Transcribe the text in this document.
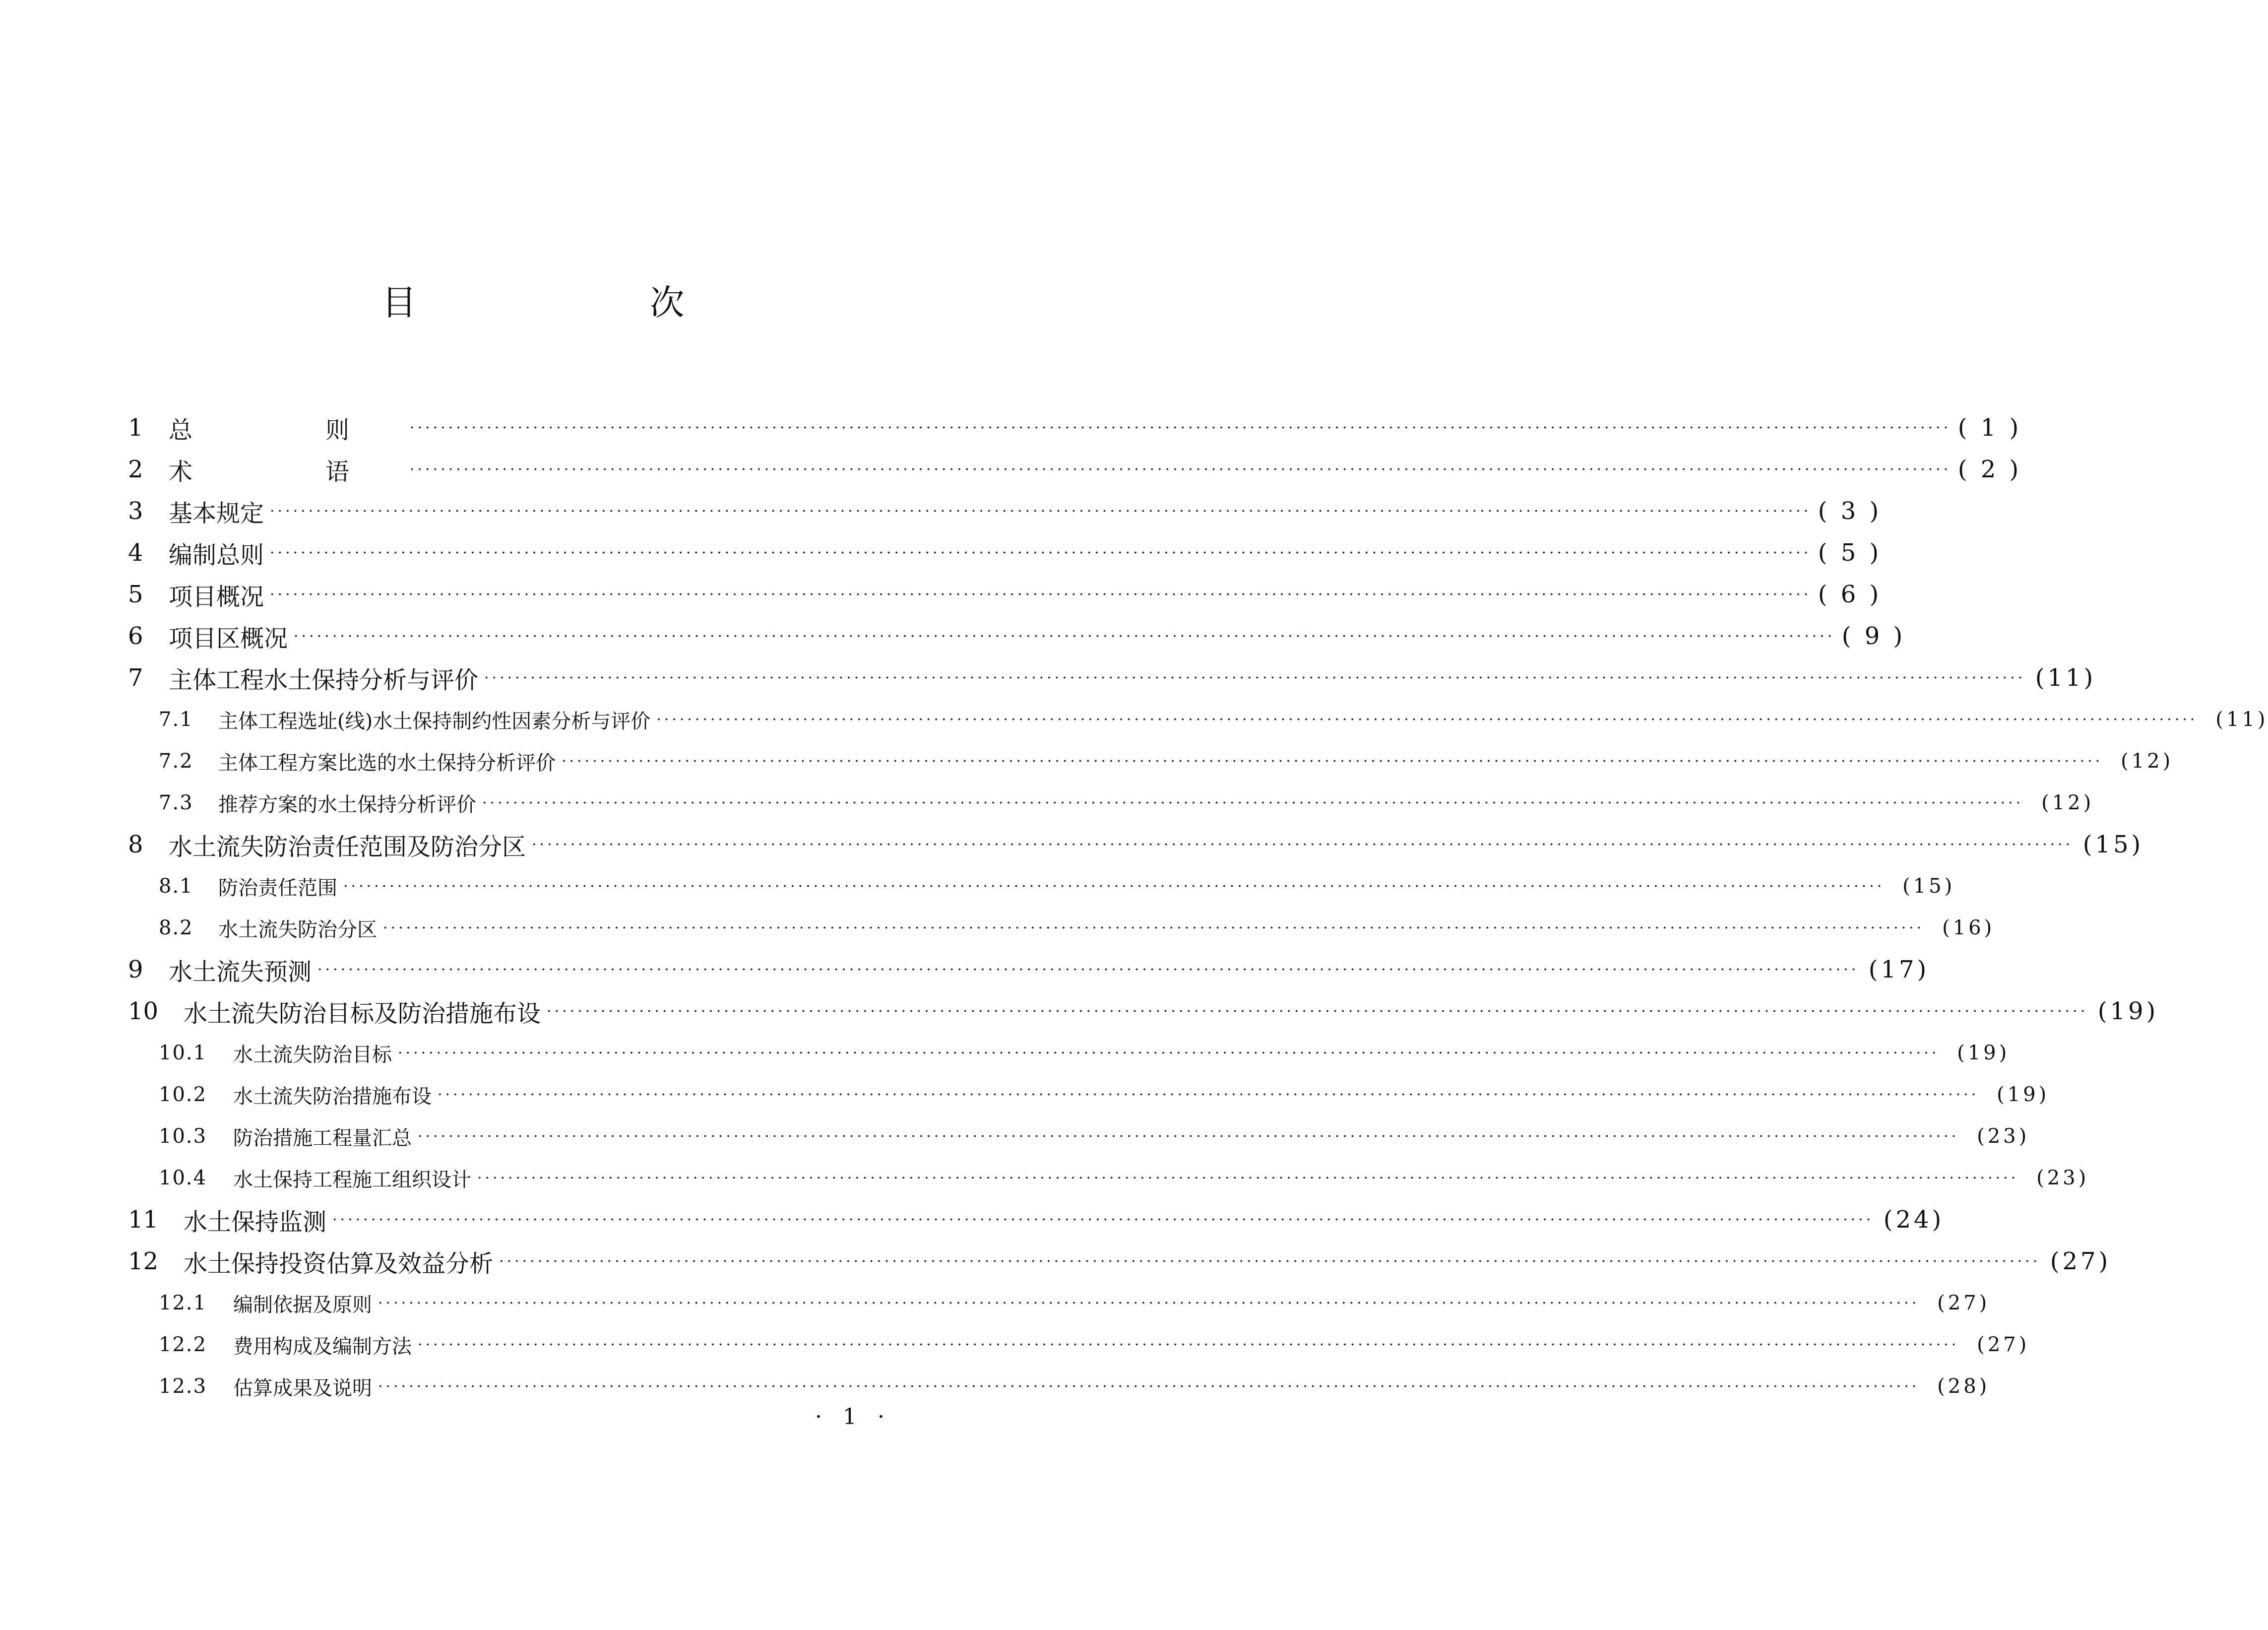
目　次
1	总　则 ········································································································································································································ ( 1 )
2	术　语 ········································································································································································································ ( 2 )
3	基本规定 ········································································································································································································ ( 3 )
4	编制总则 ········································································································································································································ ( 5 )
5	项目概况 ········································································································································································································ ( 6 )
6	项目区概况 ········································································································································································································ ( 9 )
7	主体工程水土保持分析与评价 ········································································································································································································ (11)
7.1	主体工程选址(线)水土保持制约性因素分析与评价 ········································································································································································································ (11)
7.2	主体工程方案比选的水土保持分析评价 ········································································································································································································ (12)
7.3	推荐方案的水土保持分析评价 ········································································································································································································ (12)
8	水土流失防治责任范围及防治分区 ········································································································································································································ (15)
8.1	防治责任范围 ········································································································································································································ (15)
8.2	水土流失防治分区 ········································································································································································································ (16)
9	水土流失预测 ········································································································································································································ (17)
10	水土流失防治目标及防治措施布设 ········································································································································································································ (19)
10.1	水土流失防治目标 ········································································································································································································ (19)
10.2	水土流失防治措施布设 ········································································································································································································ (19)
10.3	防治措施工程量汇总 ········································································································································································································ (23)
10.4	水土保持工程施工组织设计 ········································································································································································································ (23)
11	水土保持监测 ········································································································································································································ (24)
12	水土保持投资估算及效益分析 ········································································································································································································ (27)
12.1	编制依据及原则 ········································································································································································································ (27)
12.2	费用构成及编制方法 ········································································································································································································ (27)
12.3	估算成果及说明 ········································································································································································································ (28)
· 1 ·
